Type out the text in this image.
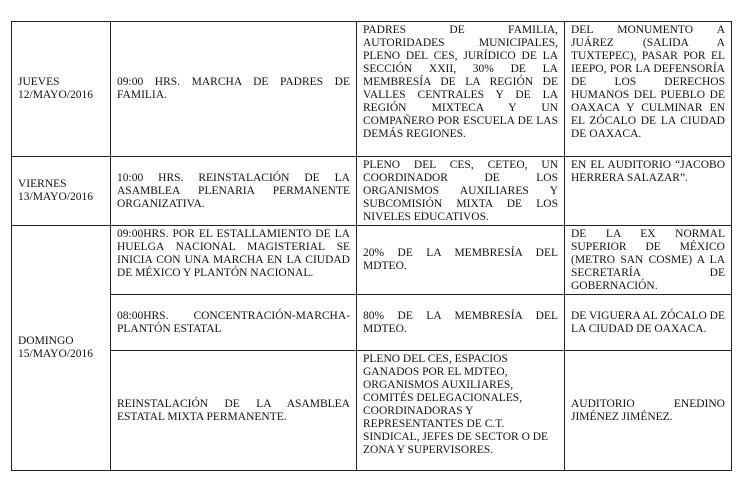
JUEVES 12/MAYO/2016	09:00 HRS. MARCHA DE PADRES DE FAMILIA.	PADRES DE FAMILIA, AUTORIDADES MUNICIPALES, PLENO DEL CES, JURÍDICO DE LA SECCIÓN XXII, 30% DE LA MEMBRESÍA DE LA REGIÓN DE VALLES CENTRALES Y DE LA REGIÓN MIXTECA Y UN COMPAÑERO POR ESCUELA DE LAS DEMÁS REGIONES.	DEL MONUMENTO A JUÁREZ (SALIDA A TUXTEPEC), PASAR POR EL IEEPO, POR LA DEFENSORÍA DE LOS DERECHOS HUMANOS DEL PUEBLO DE OAXACA Y CULMINAR EN EL ZÓCALO DE LA CIUDAD DE OAXACA.
VIERNES 13/MAYO/2016	10:00 HRS. REINSTALACIÓN DE LA ASAMBLEA PLENARIA PERMANENTE ORGANIZATIVA.	PLENO DEL CES, CETEO, UN COORDINADOR DE LOS ORGANISMOS AUXILIARES Y SUBCOMISIÓN MIXTA DE LOS NIVELES EDUCATIVOS.	EN EL AUDITORIO “JACOBO HERRERA SALAZAR”.
DOMINGO 15/MAYO/2016	09:00HRS. POR EL ESTALLAMIENTO DE LA HUELGA NACIONAL MAGISTERIAL SE INICIA CON UNA MARCHA EN LA CIUDAD DE MÉXICO Y PLANTÓN NACIONAL.	20% DE LA MEMBRESÍA DEL MDTEO.	DE LA EX NORMAL SUPERIOR DE MÉXICO (METRO SAN COSME) A LA SECRETARÍA DE GOBERNACIÓN.
	08:00HRS. CONCENTRACIÓN-MARCHA-PLANTÓN ESTATAL	80% DE LA MEMBRESÍA DEL MDTEO.	DE VIGUERA AL ZÓCALO DE LA CIUDAD DE OAXACA.
	REINSTALACIÓN DE LA ASAMBLEA ESTATAL MIXTA PERMANENTE.	PLENO DEL CES, ESPACIOS GANADOS POR EL MDTEO, ORGANISMOS AUXILIARES, COMITÉS DELEGACIONALES, COORDINADORAS Y REPRESENTANTES DE C.T. SINDICAL, JEFES DE SECTOR O DE ZONA Y SUPERVISORES.	AUDITORIO ENEDINO JIMÉNEZ JIMÉNEZ.
